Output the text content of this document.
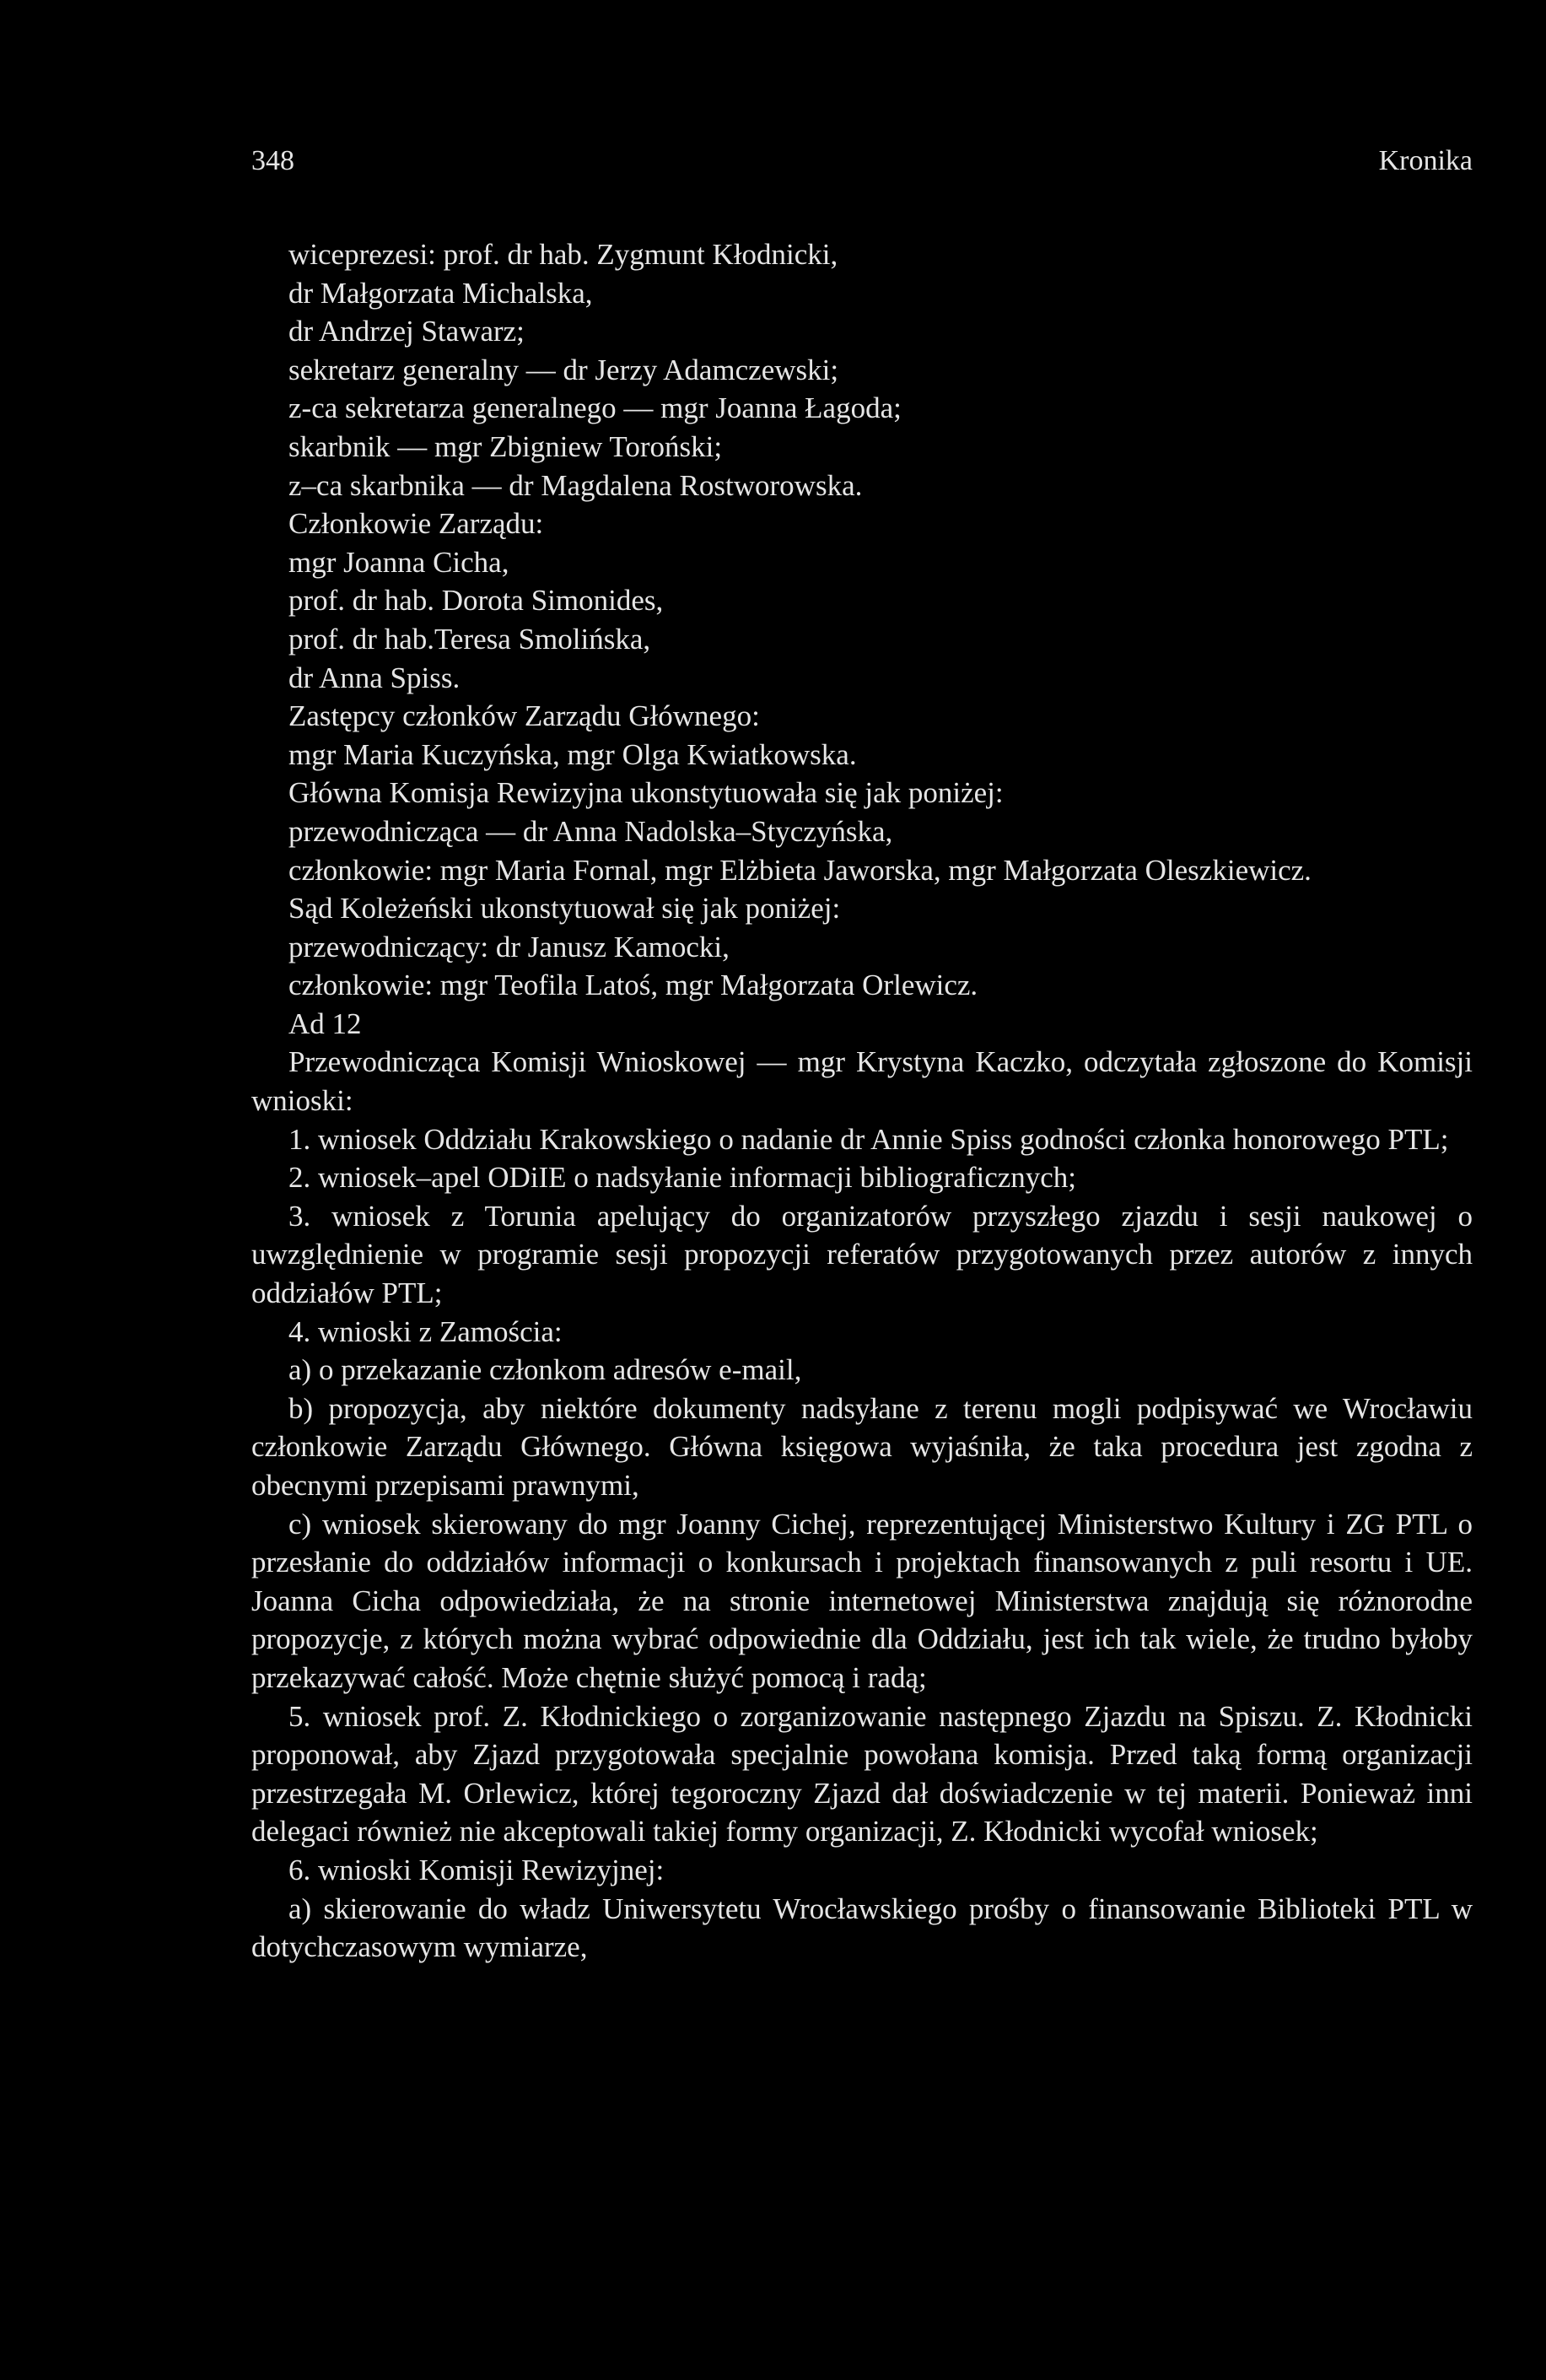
348	Kronika
wiceprezesi: prof. dr hab. Zygmunt Kłodnicki,
dr Małgorzata Michalska,
dr Andrzej Stawarz;
sekretarz generalny — dr Jerzy Adamczewski;
z-ca sekretarza generalnego — mgr Joanna Łagoda;
skarbnik — mgr Zbigniew Toroński;
z–ca skarbnika — dr Magdalena Rostworowska.
Członkowie Zarządu:
mgr Joanna Cicha,
prof. dr hab. Dorota Simonides,
prof. dr hab.Teresa Smolińska,
dr Anna Spiss.
Zastępcy członków Zarządu Głównego:
mgr Maria Kuczyńska, mgr Olga Kwiatkowska.
Główna Komisja Rewizyjna ukonstytuowała się jak poniżej:
przewodnicząca — dr Anna Nadolska–Styczyńska,
członkowie: mgr Maria Fornal, mgr Elżbieta Jaworska, mgr Małgorzata Oleszkiewicz.
Sąd Koleżeński ukonstytuował się jak poniżej:
przewodniczący: dr Janusz Kamocki,
członkowie: mgr Teofila Latoś, mgr Małgorzata Orlewicz.
Ad 12

Przewodnicząca Komisji Wnioskowej — mgr Krystyna Kaczko, odczytała zgłoszone do Komisji wnioski:

1. wniosek Oddziału Krakowskiego o nadanie dr Annie Spiss godności członka honorowego PTL;

2. wniosek–apel ODiIE o nadsyłanie informacji bibliograficznych;

3. wniosek z Torunia apelujący do organizatorów przyszłego zjazdu i sesji naukowej o uwzględnienie w programie sesji propozycji referatów przygotowanych przez autorów z innych oddziałów PTL;

4. wnioski z Zamościa:

a) o przekazanie członkom adresów e-mail,

b) propozycja, aby niektóre dokumenty nadsyłane z terenu mogli podpisywać we Wrocławiu członkowie Zarządu Głównego. Główna księgowa wyjaśniła, że taka procedura jest zgodna z obecnymi przepisami prawnymi,

c) wniosek skierowany do mgr Joanny Cichej, reprezentującej Ministerstwo Kultury i ZG PTL o przesłanie do oddziałów informacji o konkursach i projektach finansowanych z puli resortu i UE. Joanna Cicha odpowiedziała, że na stronie internetowej Ministerstwa znajdują się różnorodne propozycje, z których można wybrać odpowiednie dla Oddziału, jest ich tak wiele, że trudno byłoby przekazywać całość. Może chętnie służyć pomocą i radą;

5. wniosek prof. Z. Kłodnickiego o zorganizowanie następnego Zjazdu na Spiszu. Z. Kłodnicki proponował, aby Zjazd przygotowała specjalnie powołana komisja. Przed taką formą organizacji przestrzegała M. Orlewicz, której tegoroczny Zjazd dał doświadczenie w tej materii. Ponieważ inni delegaci również nie akceptowali takiej formy organizacji, Z. Kłodnicki wycofał wniosek;

6. wnioski Komisji Rewizyjnej:

a) skierowanie do władz Uniwersytetu Wrocławskiego prośby o finansowanie Biblioteki PTL w dotychczasowym wymiarze,
